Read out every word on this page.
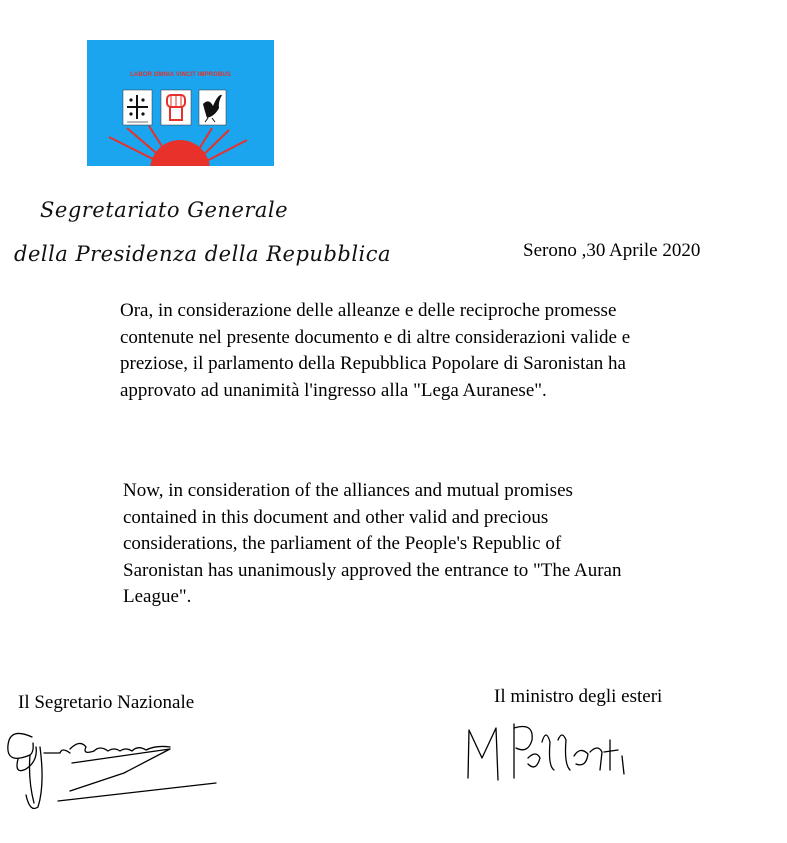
LABOR OMNIA VINCIT IMPROBUS
Segretariato Generale
della Presidenza della Repubblica	Serono ,30 Aprile 2020

Ora, in considerazione delle alleanze e delle reciproche promesse contenute nel presente documento e di altre considerazioni valide e preziose, il parlamento della Repubblica Popolare di Saronistan ha approvato ad unanimità l'ingresso alla "Lega Auranese".

Now, in consideration of the alliances and mutual promises contained in this document and other valid and precious considerations, the parliament of the People's Republic of Saronistan has unanimously approved the entrance to "The Auran League".

Il Segretario Nazionale	Il ministro degli esteri
